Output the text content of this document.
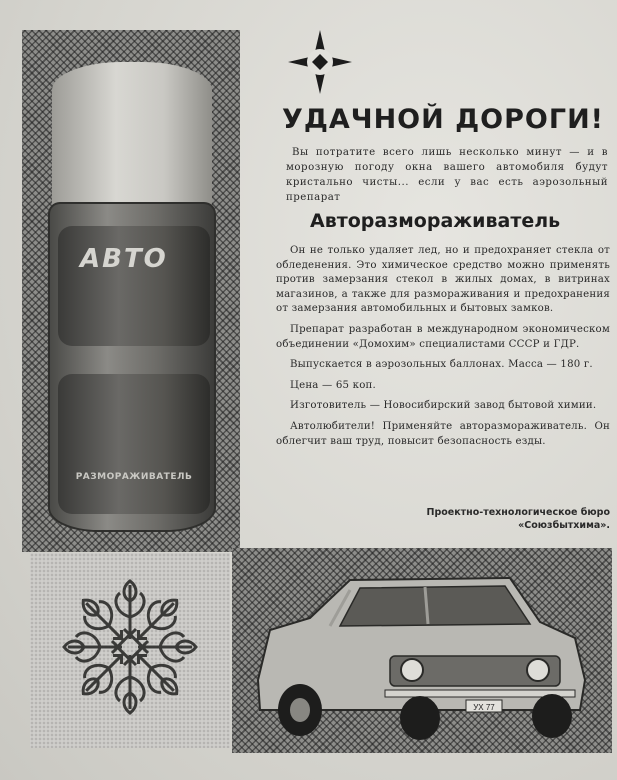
АВТО
РАЗМОРАЖИВАТЕЛЬ
УДАЧНОЙ ДОРОГИ!
Вы потратите всего лишь несколько минут — и в морозную погоду окна вашего автомобиля будут кристально чисты... если у вас есть аэрозольный препарат
Авторазмораживатель

Он не только удаляет лед, но и предохраняет стекла от обледенения. Это химическое средство можно применять против замерзания стекол в жилых домах, в витринах магазинов, а также для размораживания и предохранения от замерзания автомобильных и бытовых замков.

Препарат разработан в международном экономическом объединении «Домохим» специалистами СССР и ГДР.

Выпускается в аэрозольных баллонах. Масса — 180 г.

Цена — 65 коп.

Изготовитель — Новосибирский завод бытовой химии.

Автолюбители! Применяйте авторазмораживатель. Он облегчит ваш труд, повысит безопасность езды.

Проектно-технологическое бюро
«Союзбытхима».
УХ 77
